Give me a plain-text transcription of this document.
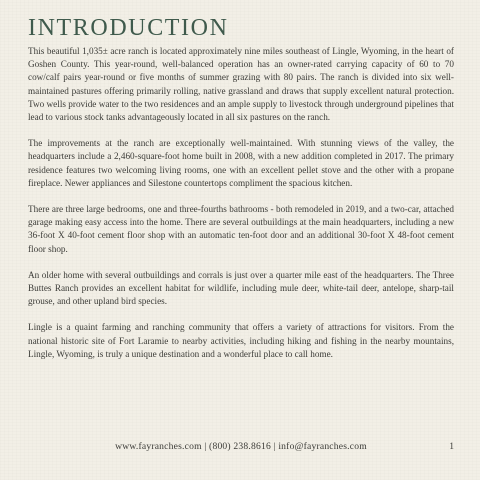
INTRODUCTION

This beautiful 1,035± acre ranch is located approximately nine miles southeast of Lingle, Wyoming, in the heart of Goshen County. This year-round, well-balanced operation has an owner-rated carrying capacity of 60 to 70 cow/calf pairs year-round or five months of summer grazing with 80 pairs. The ranch is divided into six well-maintained pastures offering primarily rolling, native grassland and draws that supply excellent natural protection. Two wells provide water to the two residences and an ample supply to livestock through underground pipelines that lead to various stock tanks advantageously located in all six pastures on the ranch.

The improvements at the ranch are exceptionally well-maintained. With stunning views of the valley, the headquarters include a 2,460-square-foot home built in 2008, with a new addition completed in 2017. The primary residence features two welcoming living rooms, one with an excellent pellet stove and the other with a propane fireplace. Newer appliances and Silestone countertops compliment the spacious kitchen.

There are three large bedrooms, one and three-fourths bathrooms - both remodeled in 2019, and a two-car, attached garage making easy access into the home. There are several outbuildings at the main headquarters, including a new 36-foot X 40-foot cement floor shop with an automatic ten-foot door and an additional 30-foot X 48-foot cement floor shop.

An older home with several outbuildings and corrals is just over a quarter mile east of the headquarters. The Three Buttes Ranch provides an excellent habitat for wildlife, including mule deer, white-tail deer, antelope, sharp-tail grouse, and other upland bird species.

Lingle is a quaint farming and ranching community that offers a variety of attractions for visitors. From the national historic site of Fort Laramie to nearby activities, including hiking and fishing in the nearby mountains, Lingle, Wyoming, is truly a unique destination and a wonderful place to call home.

www.fayranches.com | (800) 238.8616 | info@fayranches.com	1
